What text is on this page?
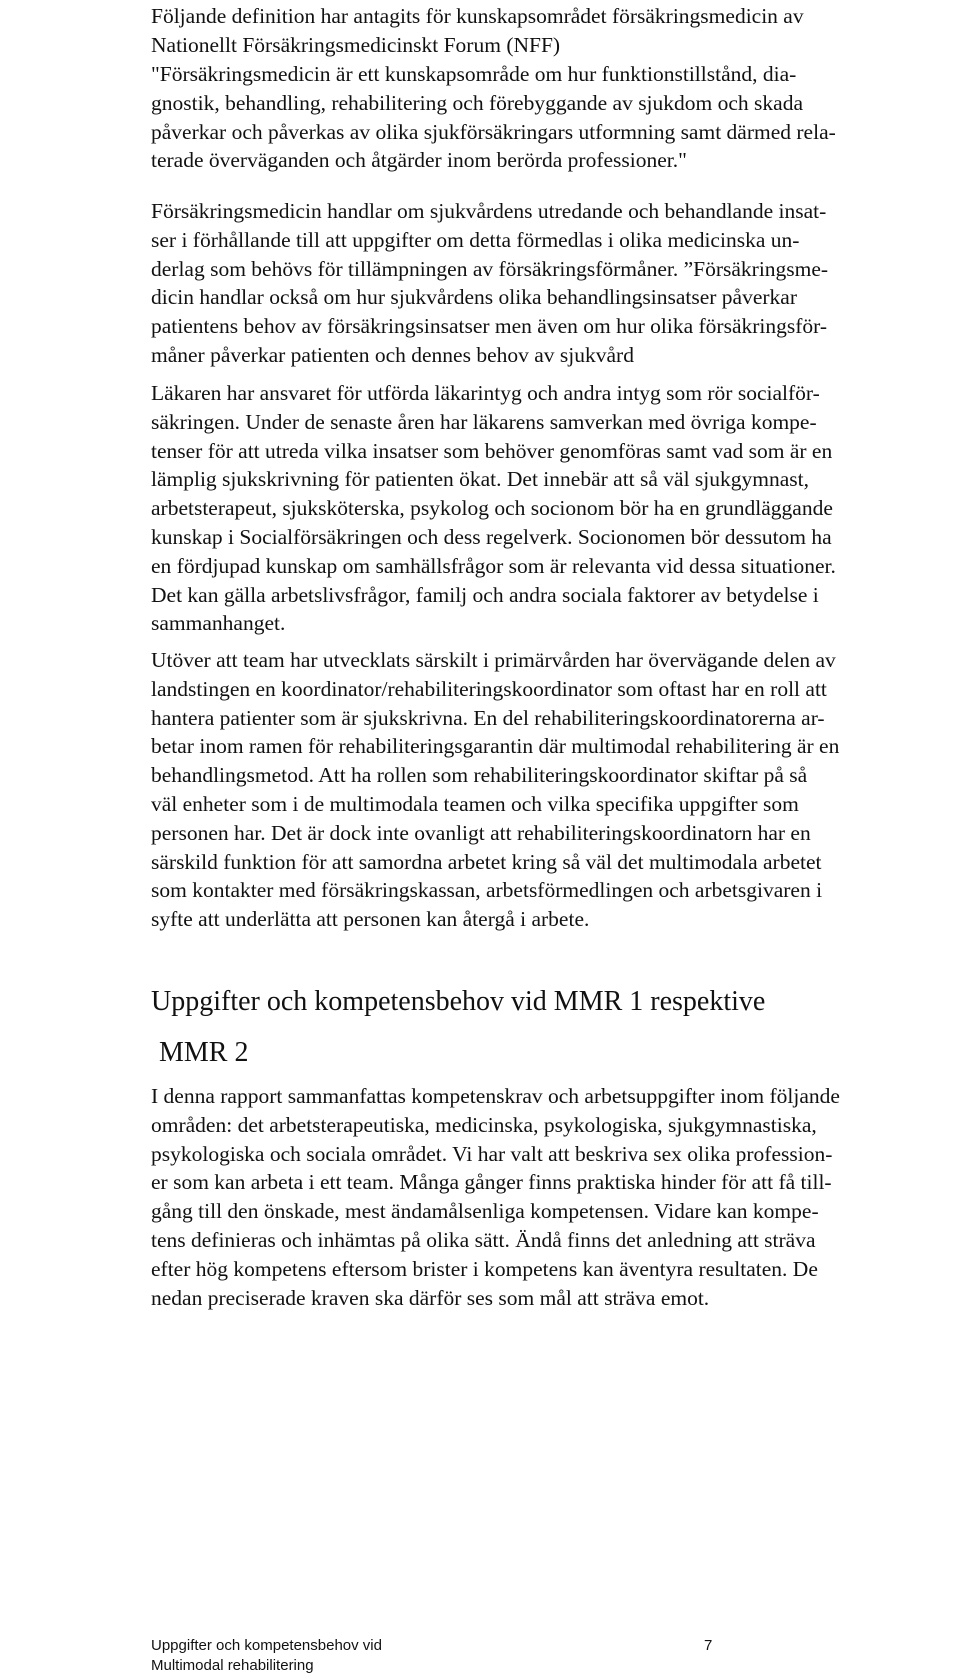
Följande definition har antagits för kunskapsområdet försäkringsmedicin av
Nationellt Försäkringsmedicinskt Forum (NFF)
"Försäkringsmedicin är ett kunskapsområde om hur funktionstillstånd, dia-
gnostik, behandling, rehabilitering och förebyggande av sjukdom och skada
påverkar och påverkas av olika sjukförsäkringars utformning samt därmed rela-
terade överväganden och åtgärder inom berörda professioner."
Försäkringsmedicin handlar om sjukvårdens utredande och behandlande insat-
ser i förhållande till att uppgifter om detta förmedlas i olika medicinska un-
derlag som behövs för tillämpningen av försäkringsförmåner. ”Försäkringsme-
dicin handlar också om hur sjukvårdens olika behandlingsinsatser påverkar
patientens behov av försäkringsinsatser men även om hur olika försäkringsför-
måner påverkar patienten och dennes behov av sjukvård
Läkaren har ansvaret för utförda läkarintyg och andra intyg som rör socialför-
säkringen. Under de senaste åren har läkarens samverkan med övriga kompe-
tenser för att utreda vilka insatser som behöver genomföras samt vad som är en
lämplig sjukskrivning för patienten ökat. Det innebär att så väl sjukgymnast,
arbetsterapeut, sjuksköterska, psykolog och socionom bör ha en grundläggande
kunskap i Socialförsäkringen och dess regelverk. Socionomen bör dessutom ha
en fördjupad kunskap om samhällsfrågor som är relevanta vid dessa situationer.
Det kan gälla arbetslivsfrågor, familj och andra sociala faktorer av betydelse i
sammanhanget.
Utöver att team har utvecklats särskilt i primärvården har övervägande delen av
landstingen en koordinator/rehabiliteringskoordinator som oftast har en roll att
hantera patienter som är sjukskrivna. En del rehabiliteringskoordinatorerna ar-
betar inom ramen för rehabiliteringsgarantin där multimodal rehabilitering är en
behandlingsmetod. Att ha rollen som rehabiliteringskoordinator skiftar på så
väl enheter som i de multimodala teamen och vilka specifika uppgifter som
personen har. Det är dock inte ovanligt att rehabiliteringskoordinatorn har en
särskild funktion för att samordna arbetet kring så väl det multimodala arbetet
som kontakter med försäkringskassan, arbetsförmedlingen och arbetsgivaren i
syfte att underlätta att personen kan återgå i arbete.
Uppgifter och kompetensbehov vid MMR 1 respektive
MMR 2
I denna rapport sammanfattas kompetenskrav och arbetsuppgifter inom följande
områden: det arbetsterapeutiska, medicinska, psykologiska, sjukgymnastiska,
psykologiska och sociala området. Vi har valt att beskriva sex olika profession-
er som kan arbeta i ett team. Många gånger finns praktiska hinder för att få till-
gång till den önskade, mest ändamålsenliga kompetensen. Vidare kan kompe-
tens definieras och inhämtas på olika sätt. Ändå finns det anledning att sträva
efter hög kompetens eftersom brister i kompetens kan äventyra resultaten. De
nedan preciserade kraven ska därför ses som mål att sträva emot.
Uppgifter och kompetensbehov vid
Multimodal rehabilitering
7
